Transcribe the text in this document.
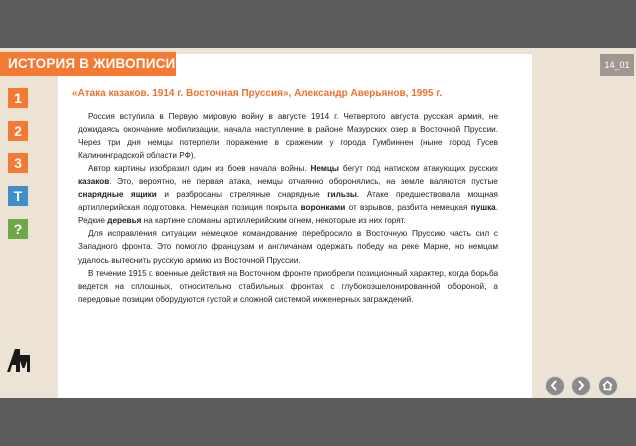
ИСТОРИЯ В ЖИВОПИСИ	14_01
1
2
3
T
?
AM
«Атака казаков. 1914 г. Восточная Пруссия», Александр Аверьянов, 1995 г.

Россия вступила в Первую мировую войну в августе 1914 г. Четвертого августа русская армия, не дожидаясь окончание мобилизации, начала наступление в районе Мазурских озер в Восточной Пруссии. Через три дня немцы потерпели поражение в сражении у города Гумбиннен (ныне город Гусев Калининградской области РФ).

Автор картины изобразил один из боев начала войны. Немцы бегут под натиском атакующих русских казаков. Это, вероятно, не первая атака, немцы отчаянно оборонялись, на земле валяются пустые снарядные ящики и разбросаны стреляные снарядные гильзы. Атаке предшествовала мощная артиллерийская подготовка. Немецкая позиция покрыта воронками от взрывов, разбита немецкая пушка. Редкие деревья на картине сломаны артиллерийским огнем, некоторые из них горят.

Для исправления ситуации немецкое командование перебросило в Восточную Пруссию часть сил с Западного фронта. Это помогло французам и англичанам одержать победу на реке Марне, но немцам удалось вытеснить русскую армию из Восточной Пруссии.

В течение 1915 г. военные действия на Восточном фронте приобрели позиционный характер, когда борьба ведется на сплошных, относительно стабильных фронтах с глубокоэшелонированной обороной, а передовые позиции оборудуются густой и сложной системой инженерных заграждений.
